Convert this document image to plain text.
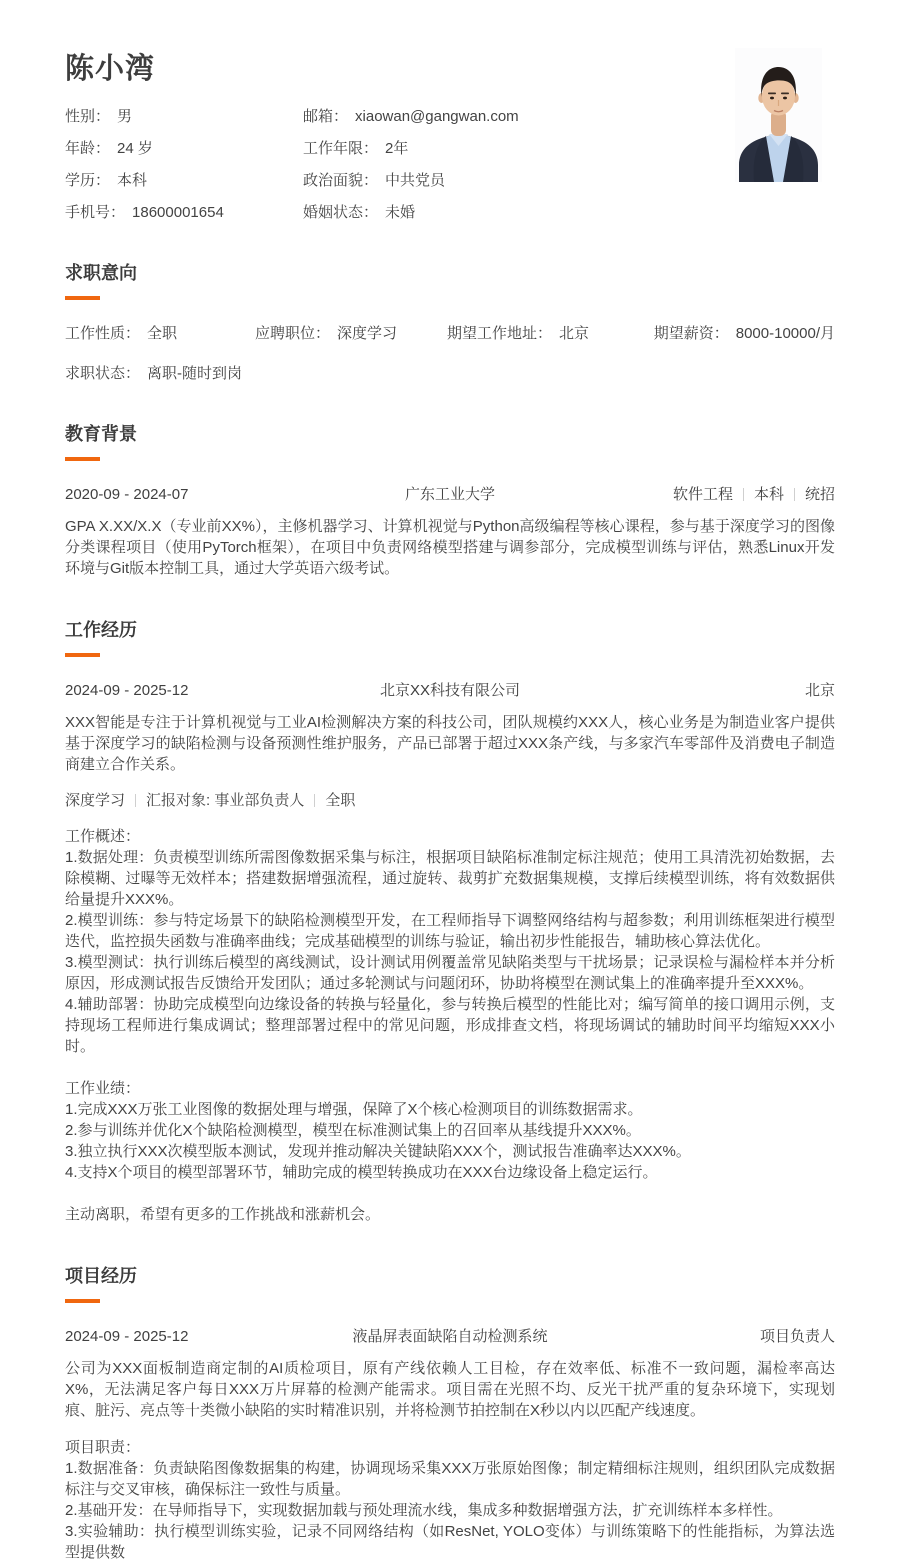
陈小湾
性别： 男	邮箱： xiaowan@gangwan.com
年龄： 24 岁	工作年限： 2年
学历： 本科	政治面貌： 中共党员
手机号： 18600001654	婚姻状态： 未婚
求职意向
工作性质： 全职	应聘职位： 深度学习	期望工作地址： 北京	期望薪资： 8000-10000/月
求职状态： 离职-随时到岗
教育背景
2020-09 - 2024-07	广东工业大学	软件工程 本科 统招
GPA X.XX/X.X（专业前XX%），主修机器学习、计算机视觉与Python高级编程等核心课程，参与基于深度学习的图像分类课程项目（使用PyTorch框架），在项目中负责网络模型搭建与调参部分，完成模型训练与评估，熟悉Linux开发环境与Git版本控制工具，通过大学英语六级考试。
工作经历
2024-09 - 2025-12	北京XX科技有限公司	北京
XXX智能是专注于计算机视觉与工业AI检测解决方案的科技公司，团队规模约XXX人，核心业务是为制造业客户提供基于深度学习的缺陷检测与设备预测性维护服务，产品已部署于超过XXX条产线，与多家汽车零部件及消费电子制造商建立合作关系。
深度学习 汇报对象: 事业部负责人 全职
工作概述：
1.数据处理：负责模型训练所需图像数据采集与标注，根据项目缺陷标准制定标注规范；使用工具清洗初始数据，去除模糊、过曝等无效样本；搭建数据增强流程，通过旋转、裁剪扩充数据集规模，支撑后续模型训练，将有效数据供给量提升XXX%。
2.模型训练：参与特定场景下的缺陷检测模型开发，在工程师指导下调整网络结构与超参数；利用训练框架进行模型迭代，监控损失函数与准确率曲线；完成基础模型的训练与验证，输出初步性能报告，辅助核心算法优化。
3.模型测试：执行训练后模型的离线测试，设计测试用例覆盖常见缺陷类型与干扰场景；记录误检与漏检样本并分析原因，形成测试报告反馈给开发团队；通过多轮测试与问题闭环，协助将模型在测试集上的准确率提升至XXX%。
4.辅助部署：协助完成模型向边缘设备的转换与轻量化，参与转换后模型的性能比对；编写简单的接口调用示例，支持现场工程师进行集成调试；整理部署过程中的常见问题，形成排查文档，将现场调试的辅助时间平均缩短XXX小时。
工作业绩：
1.完成XXX万张工业图像的数据处理与增强，保障了X个核心检测项目的训练数据需求。
2.参与训练并优化X个缺陷检测模型，模型在标准测试集上的召回率从基线提升XXX%。
3.独立执行XXX次模型版本测试，发现并推动解决关键缺陷XXX个，测试报告准确率达XXX%。
4.支持X个项目的模型部署环节，辅助完成的模型转换成功在XXX台边缘设备上稳定运行。
主动离职，希望有更多的工作挑战和涨薪机会。
项目经历
2024-09 - 2025-12	液晶屏表面缺陷自动检测系统	项目负责人
公司为XXX面板制造商定制的AI质检项目，原有产线依赖人工目检，存在效率低、标准不一致问题，漏检率高达X%，无法满足客户每日XXX万片屏幕的检测产能需求。项目需在光照不均、反光干扰严重的复杂环境下，实现划痕、脏污、亮点等十类微小缺陷的实时精准识别，并将检测节拍控制在X秒以内以匹配产线速度。
项目职责：
1.数据准备：负责缺陷图像数据集的构建，协调现场采集XXX万张原始图像；制定精细标注规则，组织团队完成数据标注与交叉审核，确保标注一致性与质量。
2.基础开发：在导师指导下，实现数据加载与预处理流水线，集成多种数据增强方法，扩充训练样本多样性。
3.实验辅助：执行模型训练实验，记录不同网络结构（如ResNet, YOLO变体）与训练策略下的性能指标，为算法选型提供数
